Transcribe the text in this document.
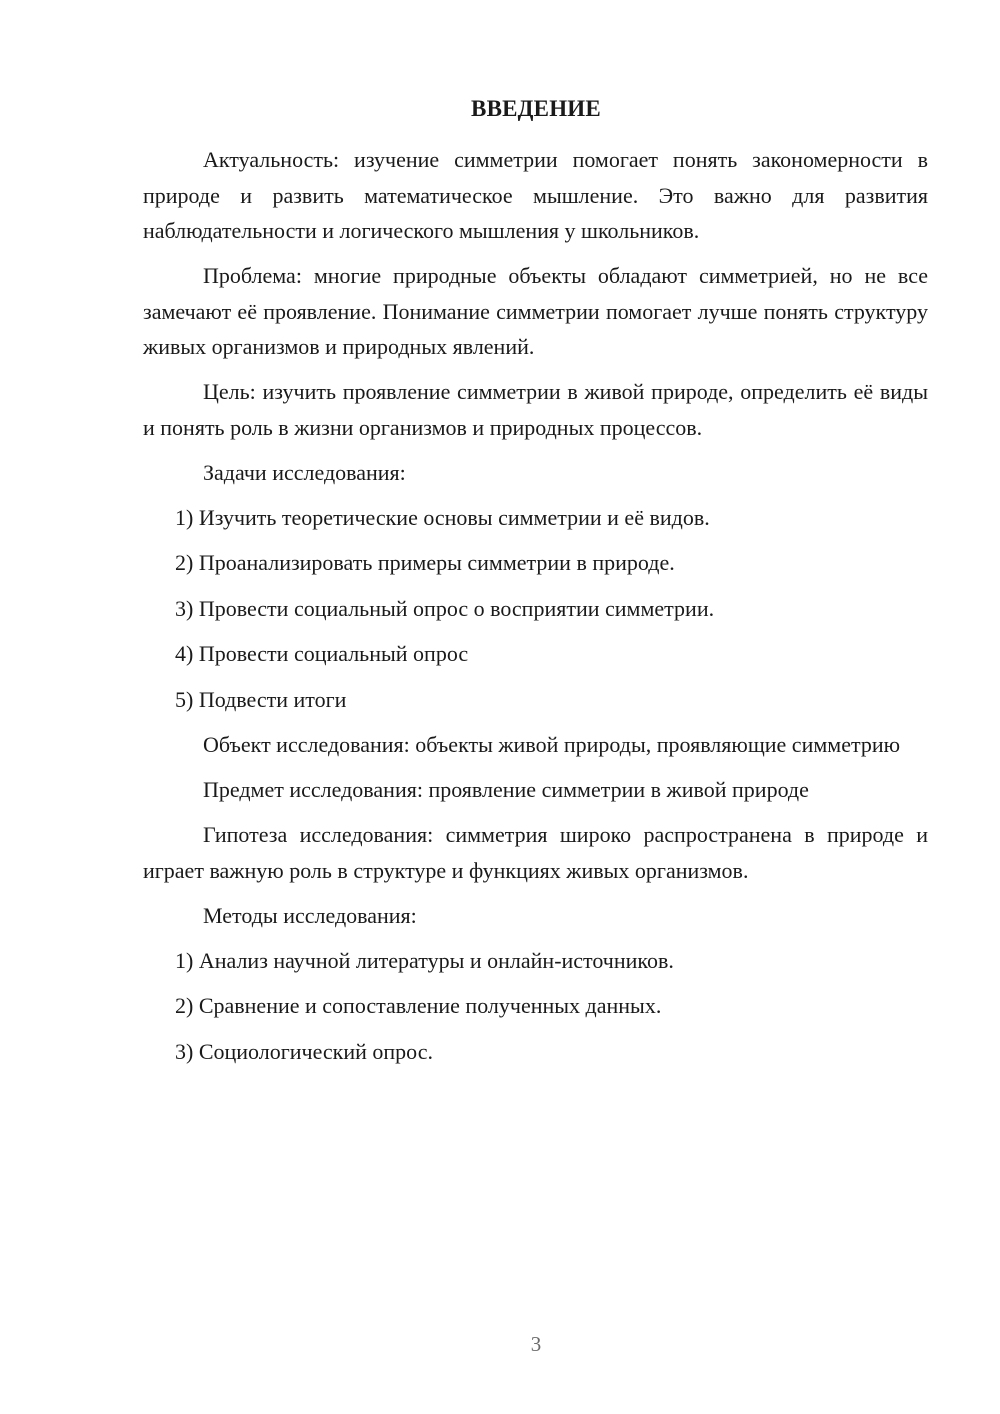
ВВЕДЕНИЕ

Актуальность: изучение симметрии помогает понять закономерности в природе и развить математическое мышление. Это важно для развития наблюдательности и логического мышления у школьников.

Проблема: многие природные объекты обладают симметрией, но не все замечают её проявление. Понимание симметрии помогает лучше понять структуру живых организмов и природных явлений.

Цель: изучить проявление симметрии в живой природе, определить её виды и понять роль в жизни организмов и природных процессов.

Задачи исследования:

1) Изучить теоретические основы симметрии и её видов.

2) Проанализировать примеры симметрии в природе.

3) Провести социальный опрос о восприятии симметрии.

4) Провести социальный опрос

5) Подвести итоги

Объект исследования: объекты живой природы, проявляющие симметрию

Предмет исследования: проявление симметрии в живой природе

Гипотеза исследования: симметрия широко распространена в природе и играет важную роль в структуре и функциях живых организмов.

Методы исследования:

1) Анализ научной литературы и онлайн-источников.

2) Сравнение и сопоставление полученных данных.

3) Социологический опрос.

3
